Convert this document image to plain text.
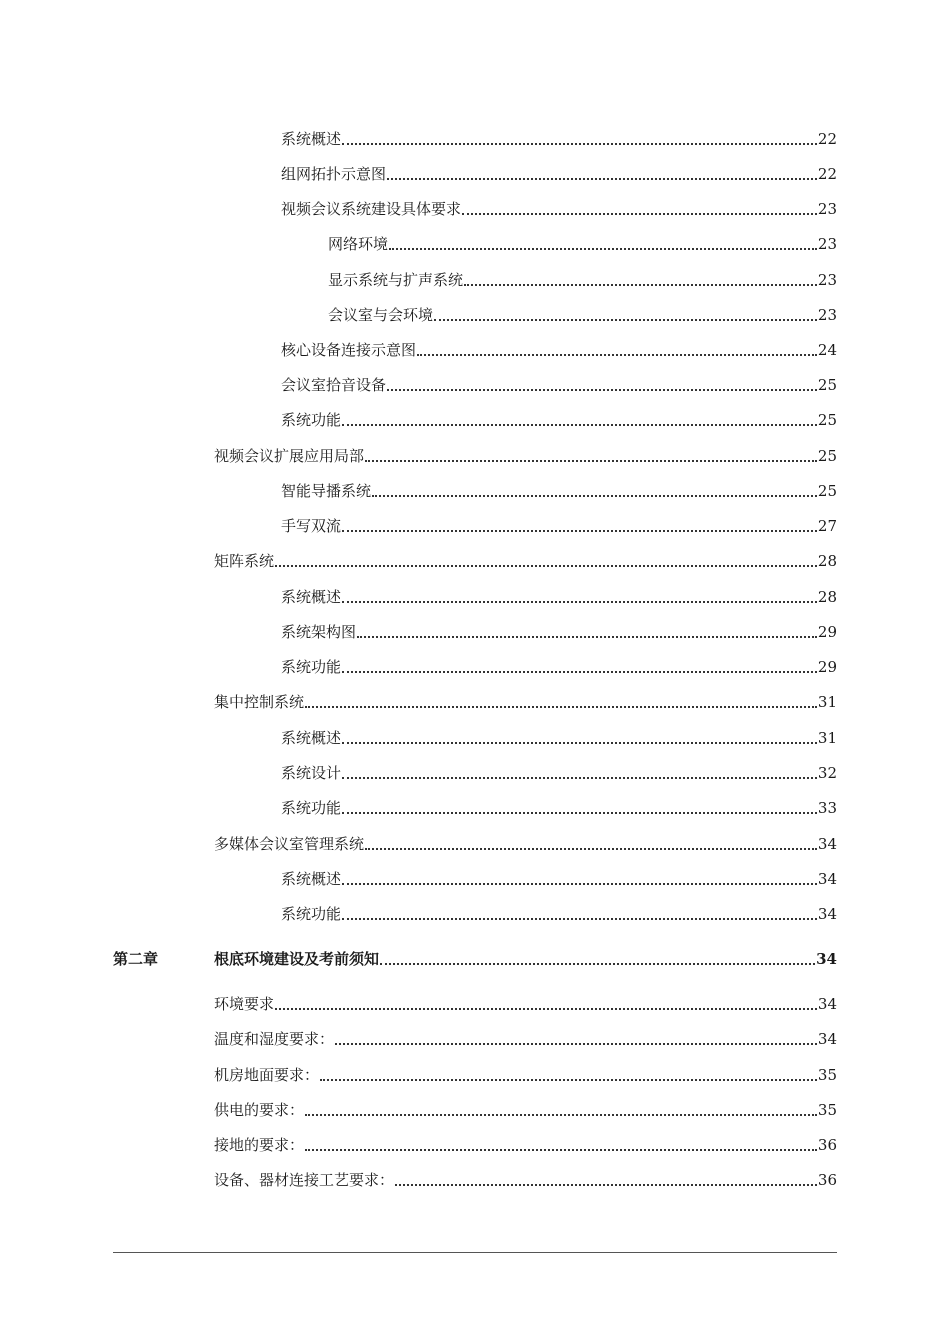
系统概述	22
组网拓扑示意图	22
视频会议系统建设具体要求	23
网络环境	23
显示系统与扩声系统	23
会议室与会环境	23
核心设备连接示意图	24
会议室拾音设备	25
系统功能	25
视频会议扩展应用局部	25
智能导播系统	25
手写双流	27
矩阵系统	28
系统概述	28
系统架构图	29
系统功能	29
集中控制系统	31
系统概述	31
系统设计	32
系统功能	33
多媒体会议室管理系统	34
系统概述	34
系统功能	34
第二章	根底环境建设及考前须知	34
环境要求	34
温度和湿度要求：	34
机房地面要求：	35
供电的要求：	35
接地的要求：	36
设备、器材连接工艺要求：	36
